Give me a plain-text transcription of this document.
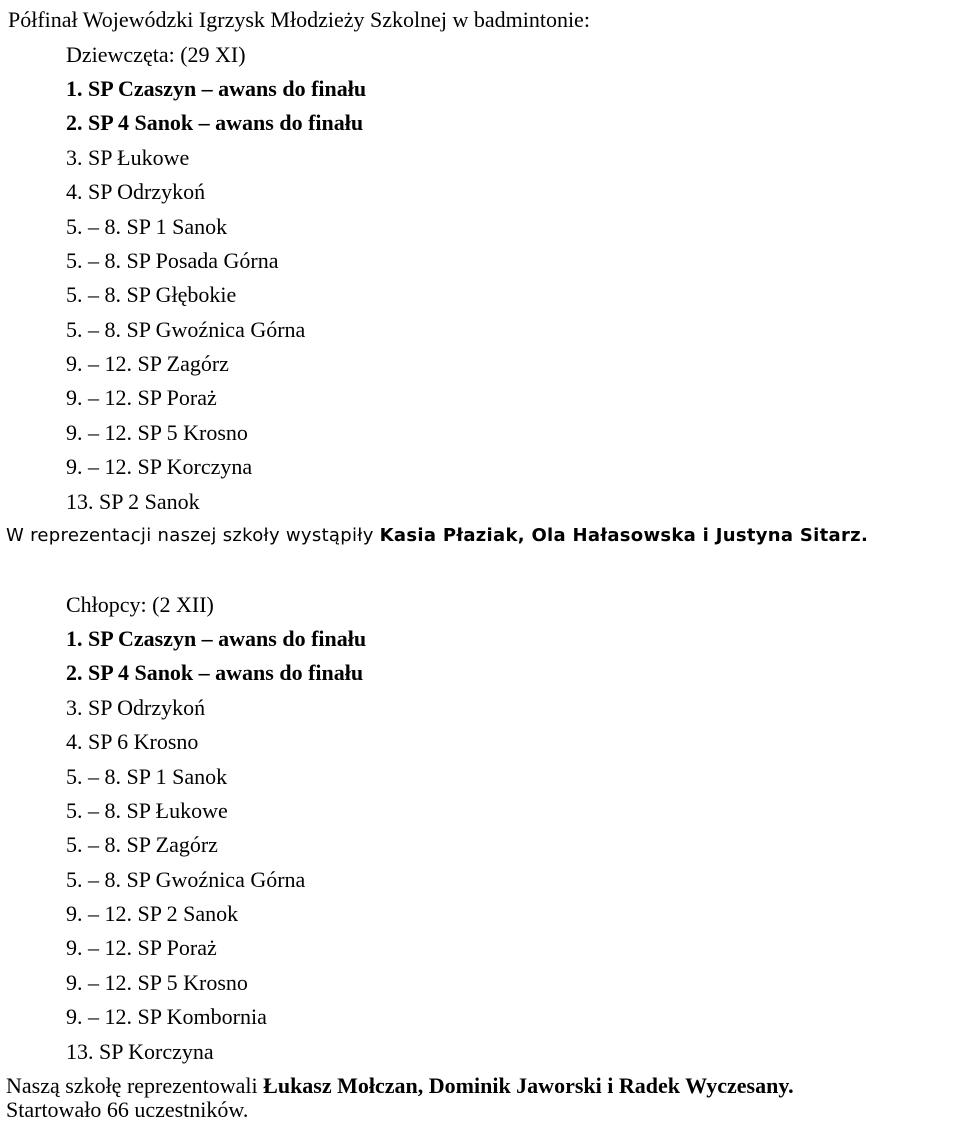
Półfinał Wojewódzki Igrzysk Młodzieży Szkolnej w badmintonie:
Dziewczęta: (29 XI)
1. SP Czaszyn – awans do finału
2. SP 4 Sanok – awans do finału
3. SP Łukowe
4. SP Odrzykoń
5. – 8. SP 1 Sanok
5. – 8. SP Posada Górna
5. – 8. SP Głębokie
5. – 8. SP Gwoźnica Górna
9. – 12. SP Zagórz
9. – 12. SP Poraż
9. – 12. SP 5 Krosno
9. – 12. SP Korczyna
13. SP 2 Sanok
W reprezentacji naszej szkoły wystąpiły Kasia Płaziak, Ola Hałasowska i Justyna Sitarz.
Chłopcy: (2 XII)
1. SP Czaszyn – awans do finału
2. SP 4 Sanok – awans do finału
3. SP Odrzykoń
4. SP 6 Krosno
5. – 8. SP 1 Sanok
5. – 8. SP Łukowe
5. – 8. SP Zagórz
5. – 8. SP Gwoźnica Górna
9. – 12. SP 2 Sanok
9. – 12. SP Poraż
9. – 12. SP 5 Krosno
9. – 12. SP Kombornia
13. SP Korczyna
Naszą szkołę reprezentowali Łukasz Mołczan, Dominik Jaworski i Radek Wyczesany.
Startowało 66 uczestników.
